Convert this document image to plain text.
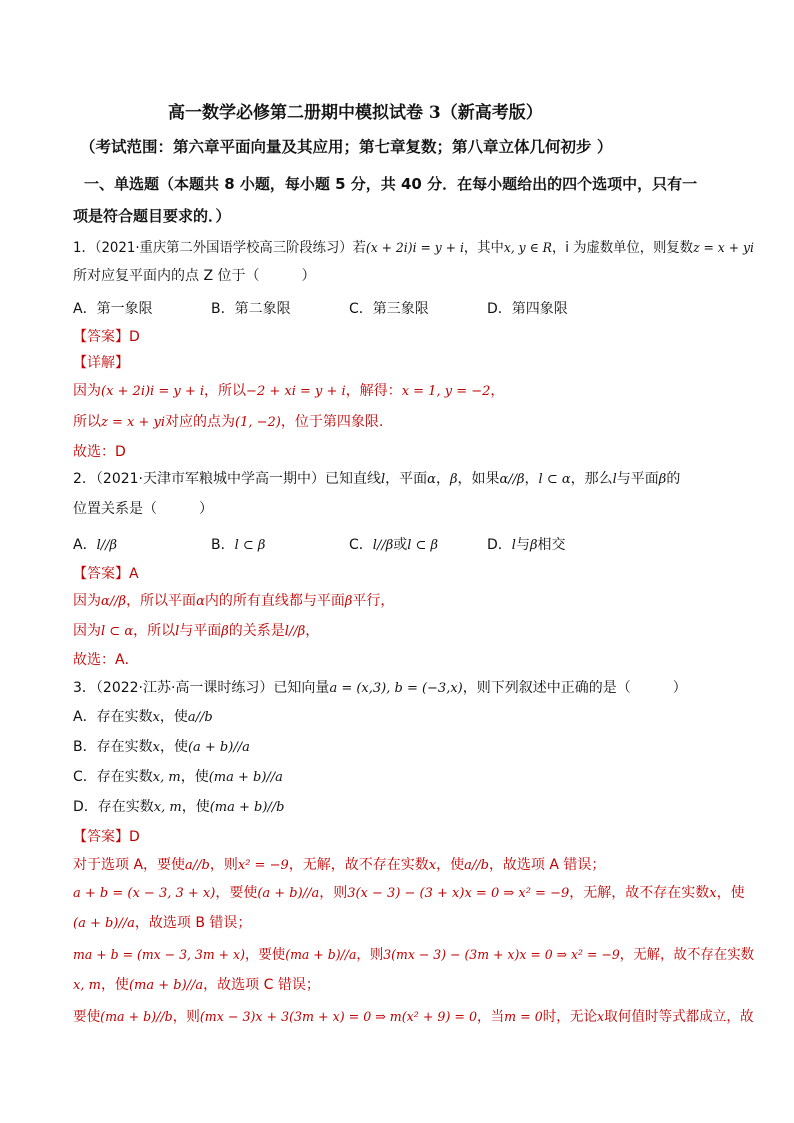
高一数学必修第二册期中模拟试卷 3（新高考版）
（考试范围：第六章平面向量及其应用；第七章复数；第八章立体几何初步 ）
一、单选题（本题共 8 小题，每小题 5 分，共 40 分．在每小题给出的四个选项中，只有一
项是符合题目要求的．）
1．（2021·重庆第二外国语学校高三阶段练习）若(x + 2i)i = y + i，其中x, y ∈ R，i 为虚数单位，则复数z = x + yi
所对应复平面内的点 Z 位于（　　　）
A．第一象限	B．第二象限	C．第三象限	D．第四象限
【答案】D
【详解】
因为(x + 2i)i = y + i，所以−2 + xi = y + i，解得：x = 1, y = −2，
所以z = x + yi对应的点为(1, −2)，位于第四象限.
故选：D
2．（2021·天津市军粮城中学高一期中）已知直线l，平面α，β，如果α//β，l ⊂ α，那么l与平面β的
位置关系是（　　　）
A．l//β	B．l ⊂ β	C．l//β或l ⊂ β	D．l与β相交
【答案】A
因为α//β，所以平面α内的所有直线都与平面β平行，
因为l ⊂ α，所以l与平面β的关系是l//β，
故选：A．
3．（2022·江苏·高一课时练习）已知向量a = (x,3), b = (−3,x)，则下列叙述中正确的是（　　　）
A．存在实数x，使a//b
B．存在实数x，使(a + b)//a
C．存在实数x, m，使(ma + b)//a
D．存在实数x, m，使(ma + b)//b
【答案】D
对于选项 A，要使a//b，则x² = −9，无解，故不存在实数x，使a//b，故选项 A 错误；
a + b = (x − 3, 3 + x)，要使(a + b)//a，则3(x − 3) − (3 + x)x = 0 ⇒ x² = −9，无解，故不存在实数x，使
(a + b)//a，故选项 B 错误；
ma + b = (mx − 3, 3m + x)，要使(ma + b)//a，则3(mx − 3) − (3m + x)x = 0 ⇒ x² = −9，无解，故不存在实数
x, m，使(ma + b)//a，故选项 C 错误；
要使(ma + b)//b，则(mx − 3)x + 3(3m + x) = 0 ⇒ m(x² + 9) = 0，当m = 0时，无论x取何值时等式都成立，故
